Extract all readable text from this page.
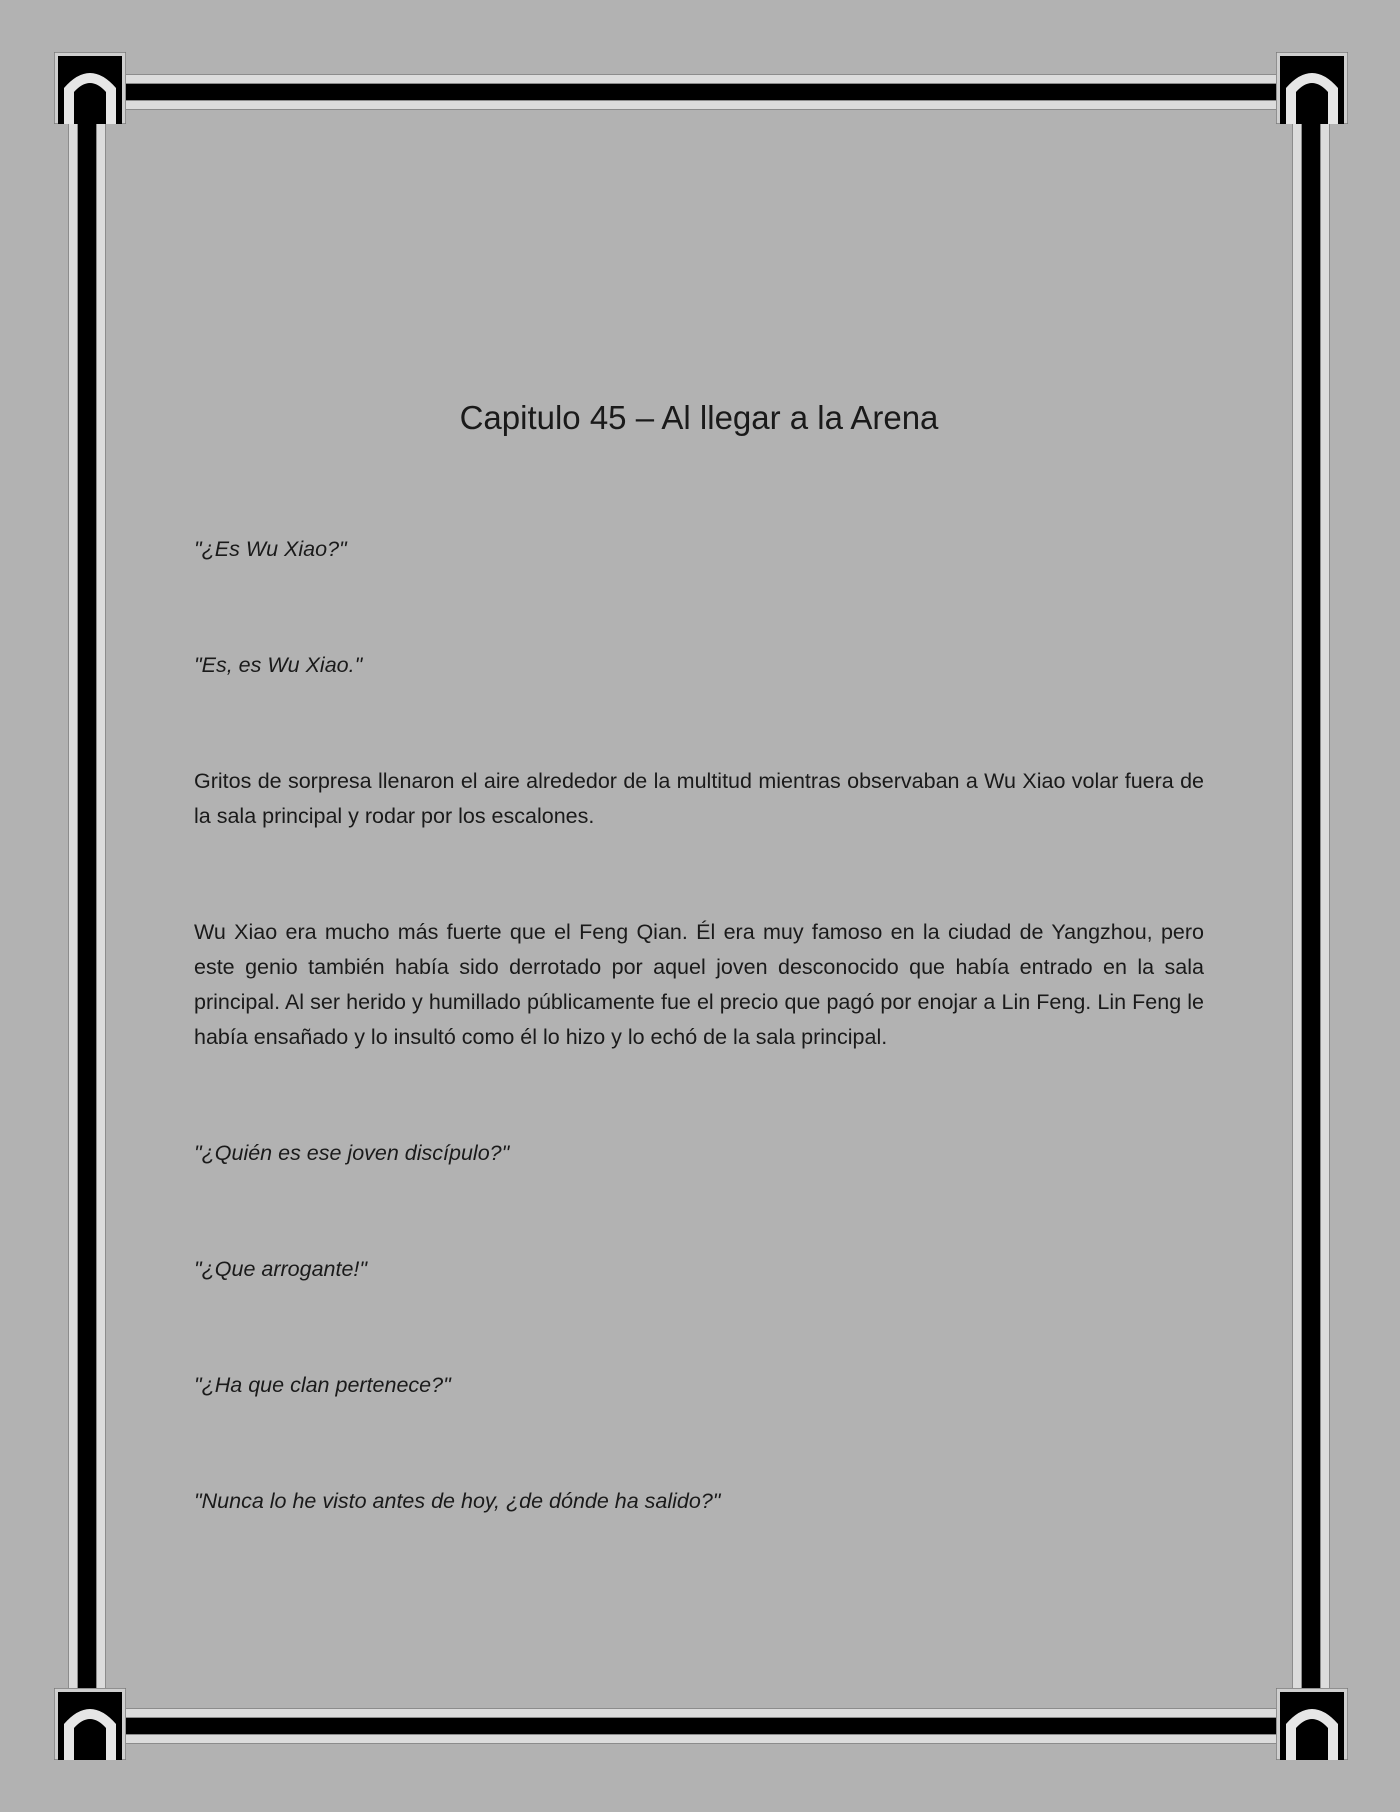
Capitulo 45 – Al llegar a la Arena

"¿Es Wu Xiao?"

"Es, es Wu Xiao."

Gritos de sorpresa llenaron el aire alrededor de la multitud mientras observaban a Wu Xiao volar fuera de la sala principal y rodar por los escalones.

Wu Xiao era mucho más fuerte que el Feng Qian. Él era muy famoso en la ciudad de Yangzhou, pero este genio también había sido derrotado por aquel joven desconocido que había entrado en la sala principal. Al ser herido y humillado públicamente fue el precio que pagó por enojar a Lin Feng. Lin Feng le había ensañado y lo insultó como él lo hizo y lo echó de la sala principal.

"¿Quién es ese joven discípulo?"

"¿Que arrogante!"

"¿Ha que clan pertenece?"

"Nunca lo he visto antes de hoy, ¿de dónde ha salido?"
